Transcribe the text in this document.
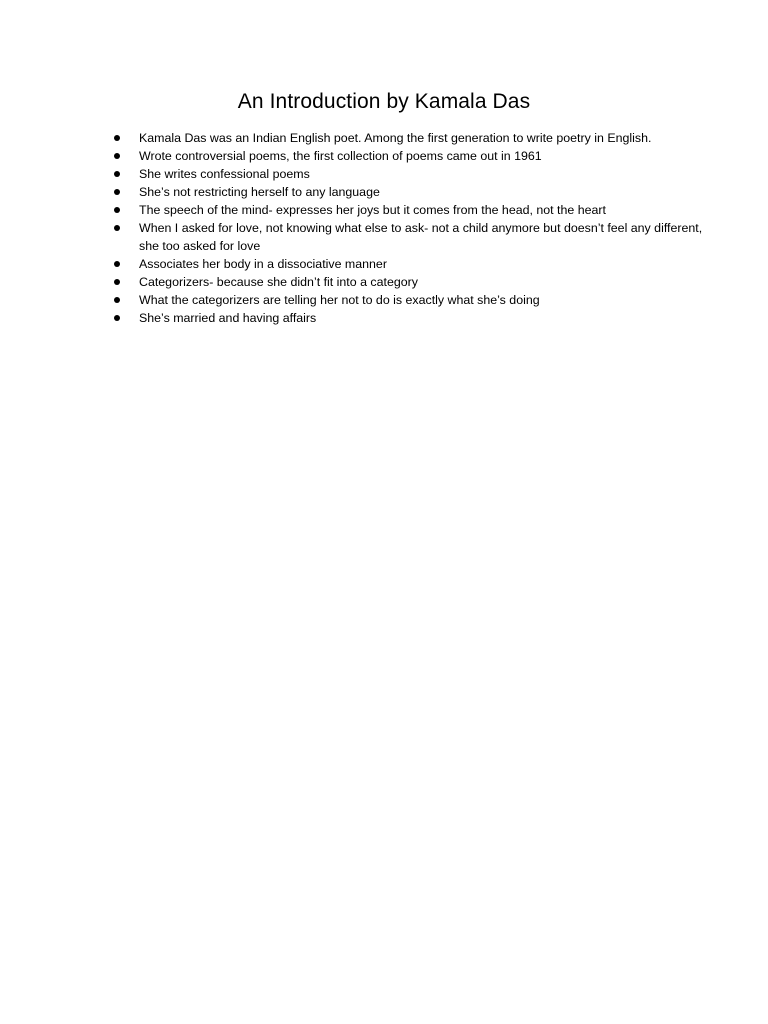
An Introduction by Kamala Das
Kamala Das was an Indian English poet. Among the first generation to write poetry in English.
Wrote controversial poems, the first collection of poems came out in 1961
She writes confessional poems
She’s not restricting herself to any language
The speech of the mind- expresses her joys but it comes from the head, not the heart
When I asked for love, not knowing what else to ask- not a child anymore but doesn’t feel any different, she too asked for love
Associates her body in a dissociative manner
Categorizers- because she didn’t fit into a category
What the categorizers are telling her not to do is exactly what she’s doing
She’s married and having affairs
